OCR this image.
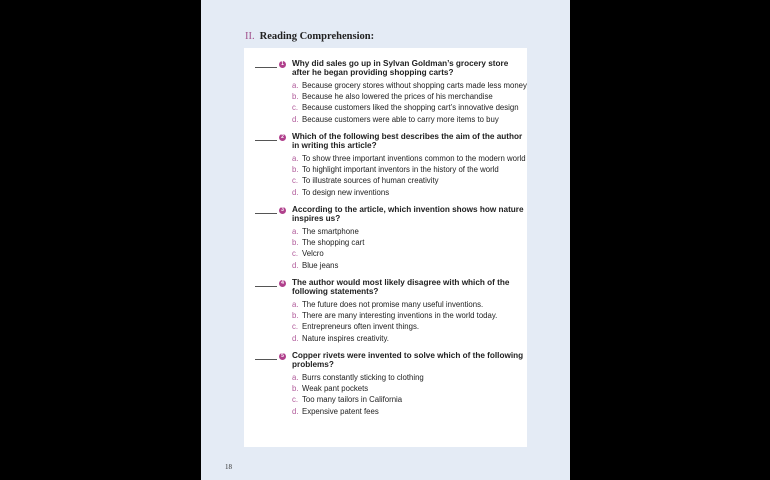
II. Reading Comprehension:
1 Why did sales go up in Sylvan Goldman’s grocery store after he began providing shopping carts?
a. Because grocery stores without shopping carts made less money
b. Because he also lowered the prices of his merchandise
c. Because customers liked the shopping cart’s innovative design
d. Because customers were able to carry more items to buy
2 Which of the following best describes the aim of the author in writing this article?
a. To show three important inventions common to the modern world
b. To highlight important inventors in the history of the world
c. To illustrate sources of human creativity
d. To design new inventions
3 According to the article, which invention shows how nature inspires us?
a. The smartphone
b. The shopping cart
c. Velcro
d. Blue jeans
4 The author would most likely disagree with which of the following statements?
a. The future does not promise many useful inventions.
b. There are many interesting inventions in the world today.
c. Entrepreneurs often invent things.
d. Nature inspires creativity.
5 Copper rivets were invented to solve which of the following problems?
a. Burrs constantly sticking to clothing
b. Weak pant pockets
c. Too many tailors in California
d. Expensive patent fees
18
